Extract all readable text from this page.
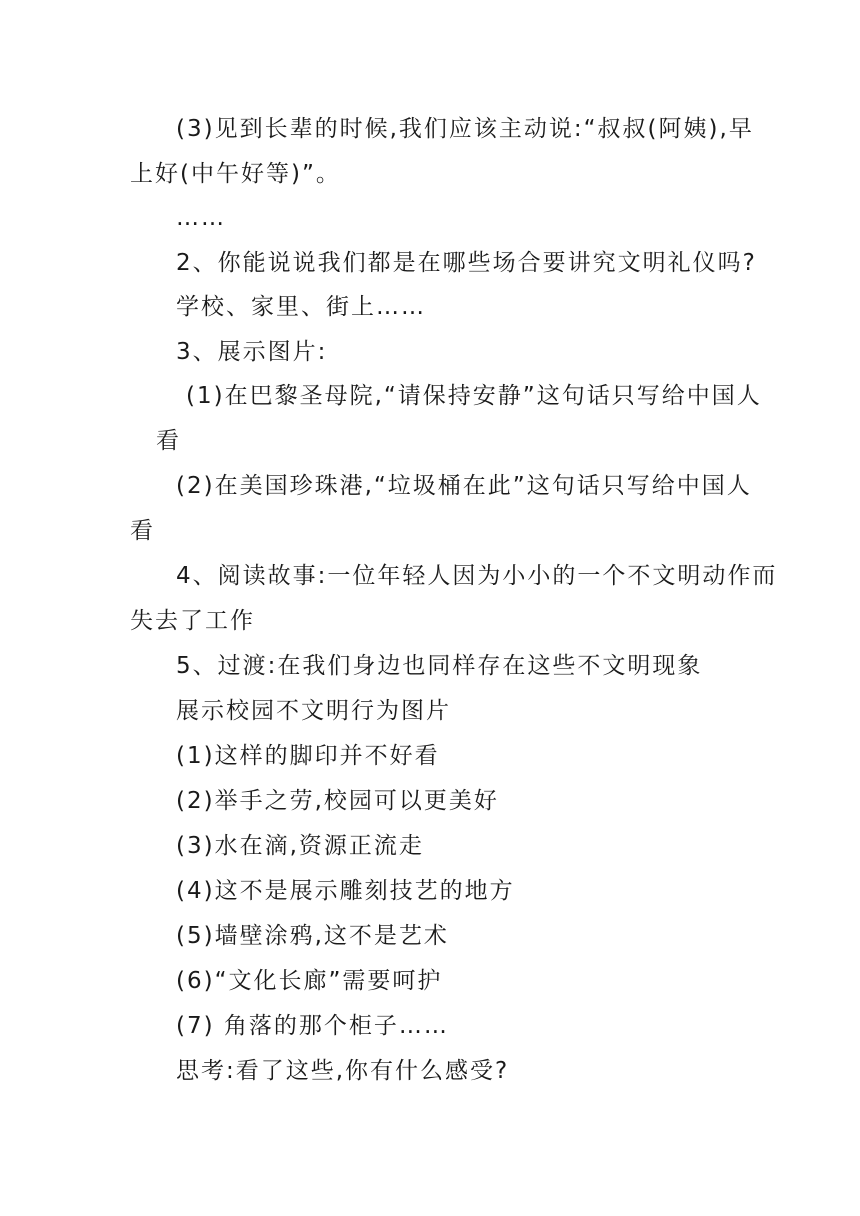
(3)见到长辈的时候,我们应该主动说:“叔叔(阿姨),早
上好(中午好等)”。
……
2、你能说说我们都是在哪些场合要讲究文明礼仪吗?
学校、家里、街上……
3、展示图片:
(1)在巴黎圣母院,“请保持安静”这句话只写给中国人
看
(2)在美国珍珠港,“垃圾桶在此”这句话只写给中国人
看
4、阅读故事:一位年轻人因为小小的一个不文明动作而
失去了工作
5、过渡:在我们身边也同样存在这些不文明现象
展示校园不文明行为图片
(1)这样的脚印并不好看
(2)举手之劳,校园可以更美好
(3)水在滴,资源正流走
(4)这不是展示雕刻技艺的地方
(5)墙壁涂鸦,这不是艺术
(6)“文化长廊”需要呵护
(7) 角落的那个柜子……
思考:看了这些,你有什么感受?
